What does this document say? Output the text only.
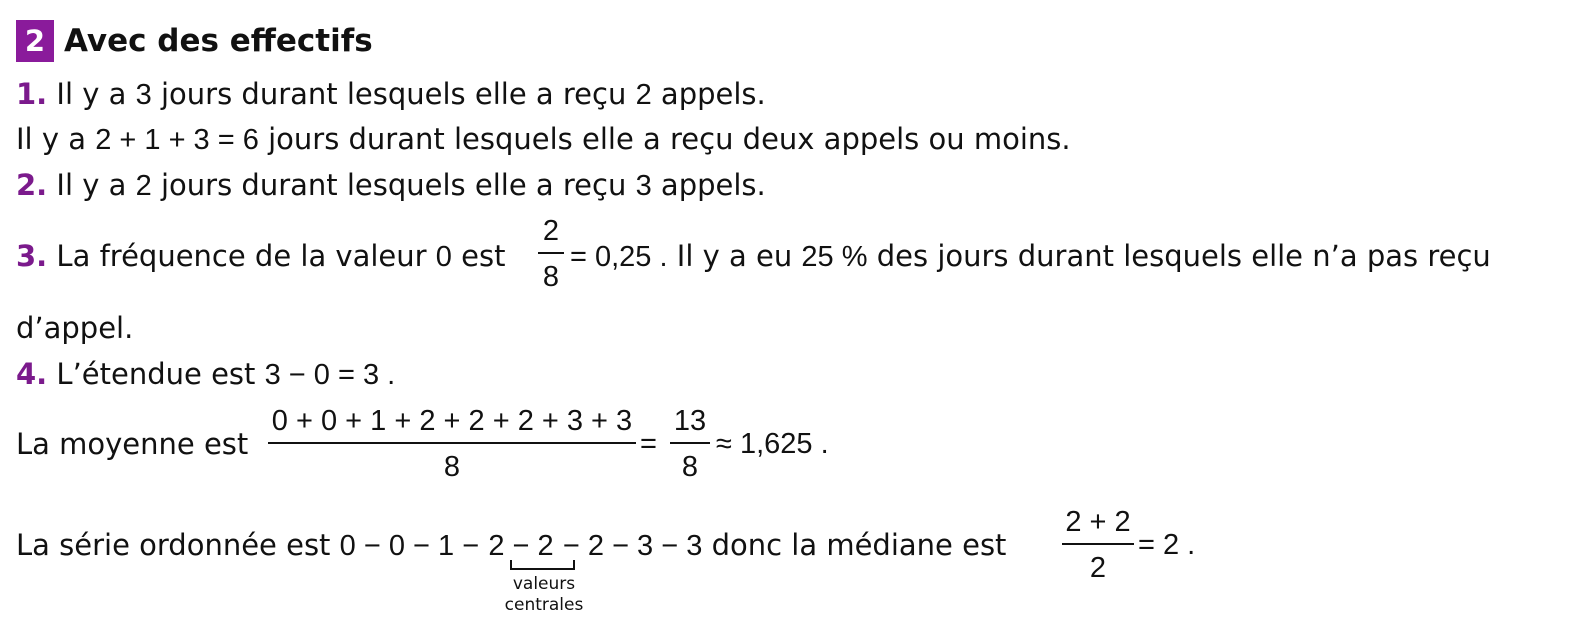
2 Avec des effectifs
1. Il y a 3 jours durant lesquels elle a reçu 2 appels.
Il y a 2 + 1 + 3 = 6 jours durant lesquels elle a reçu deux appels ou moins.
2. Il y a 2 jours durant lesquels elle a reçu 3 appels.
3. La fréquence de la valeur 0 est
2
8
= 0,25 . Il y a eu 25 % des jours durant lesquels elle n’a pas reçu
d’appel.
4. L’étendue est 3 − 0 = 3 .
La moyenne est
0 + 0 + 1 + 2 + 2 + 2 + 3 + 3
8
=
13
8
≈ 1,625 .
La série ordonnée est 0 − 0 − 1 − 2 − 2 − 2 − 3 − 3 donc la médiane est
2 + 2
2
= 2 .
valeurs
centrales
